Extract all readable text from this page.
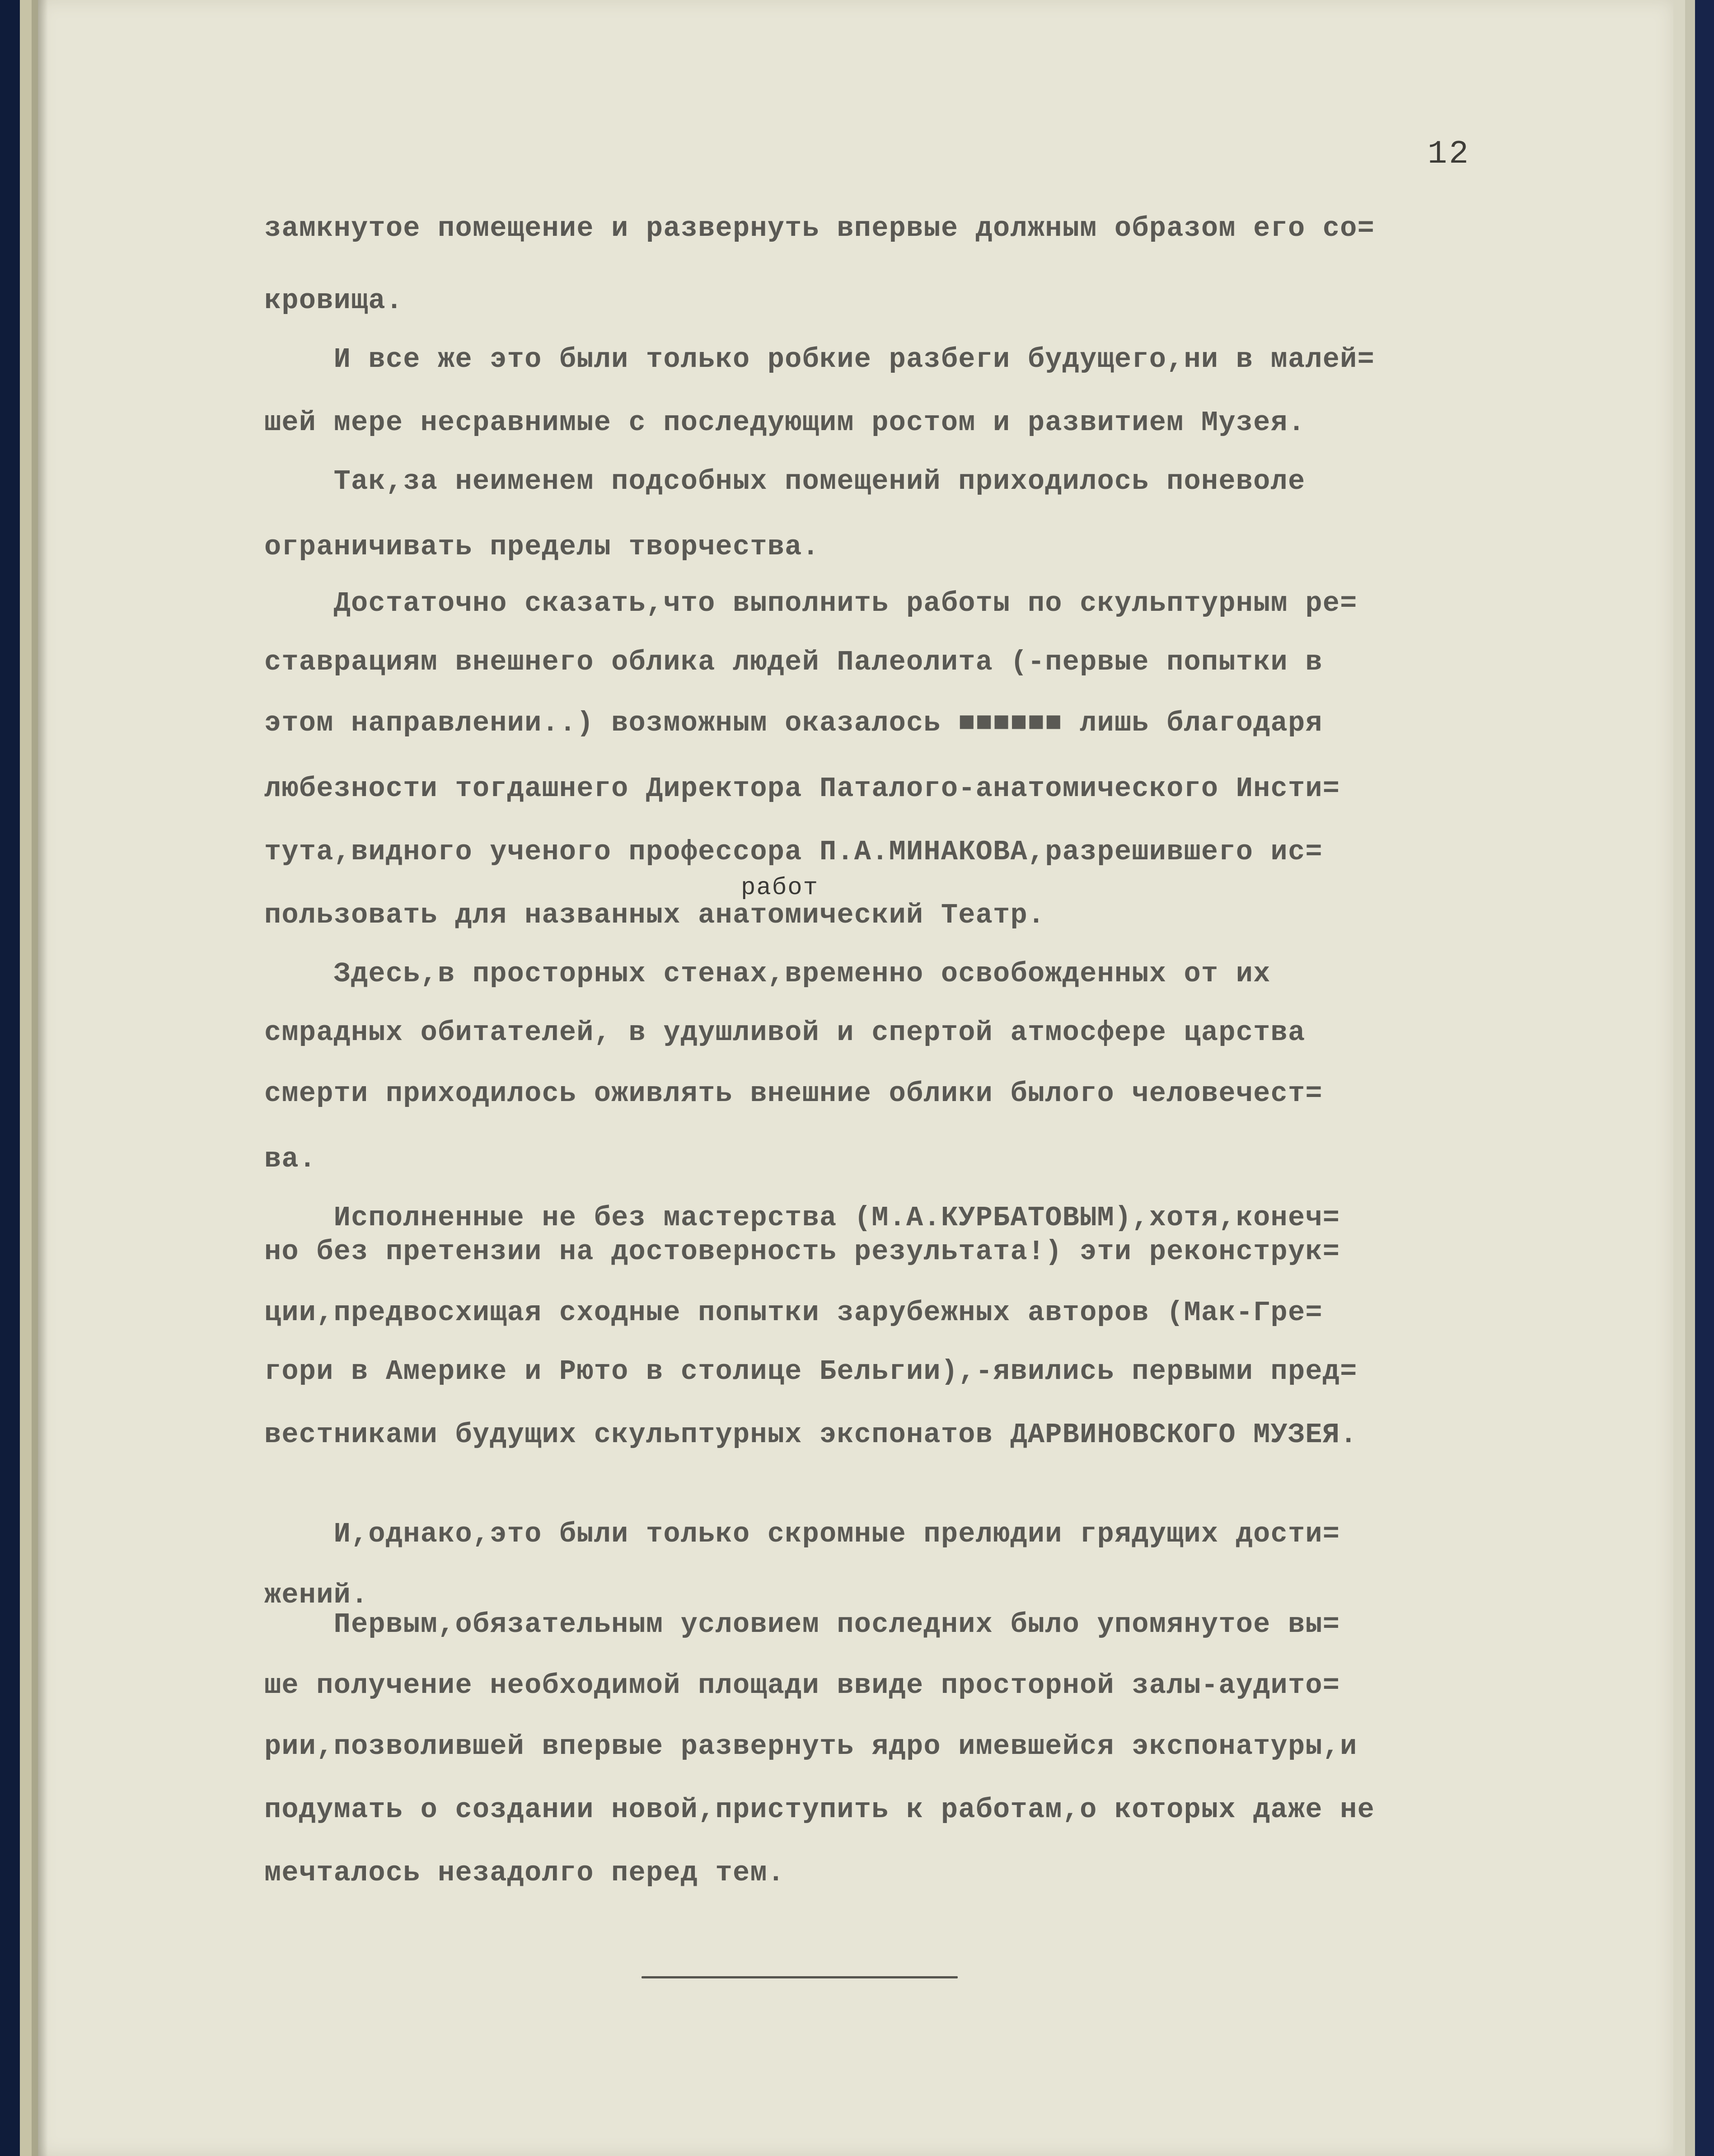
12
замкнутое помещение и развернуть впервые должным образом его со=
кровища.
И все же это были только робкие разбеги будущего,ни в малей=
шей мере несравнимые с последующим ростом и развитием Музея.
Так,за неименем подсобных помещений приходилось поневоле
ограничивать пределы творчества.
Достаточно сказать,что выполнить работы по скульптурным ре=
ставрациям внешнего облика людей Палеолита (-первые попытки в
этом направлении..) возможным оказалось ■■■■■■ лишь благодаря
любезности тогдашнего Директора Паталого-анатомического Инсти=
тута,видного ученого профессора П.А.МИНАКОВА,разрешившего ис=
пользовать для названных анатомический Театр.
Здесь,в просторных стенах,временно освобожденных от их
смрадных обитателей, в удушливой и спертой атмосфере царства
смерти приходилось оживлять внешние облики былого человечест=
ва.
Исполненные не без мастерства (М.А.КУРБАТОВЫМ),хотя,конеч=
но без претензии на достоверность результата!) эти реконструк=
ции,предвосхищая сходные попытки зарубежных авторов (Мак-Гре=
гори в Америке и Рюто в столице Бельгии),-явились первыми пред=
вестниками будущих скульптурных экспонатов ДАРВИНОВСКОГО МУЗЕЯ.
И,однако,это были только скромные прелюдии грядущих дости=
жений.
Первым,обязательным условием последних было упомянутое вы=
ше получение необходимой площади ввиде просторной залы-аудито=
рии,позволившей впервые развернуть ядро имевшейся экспонатуры,и
подумать о создании новой,приступить к работам,о которых даже не
мечталось незадолго перед тем.
работ
